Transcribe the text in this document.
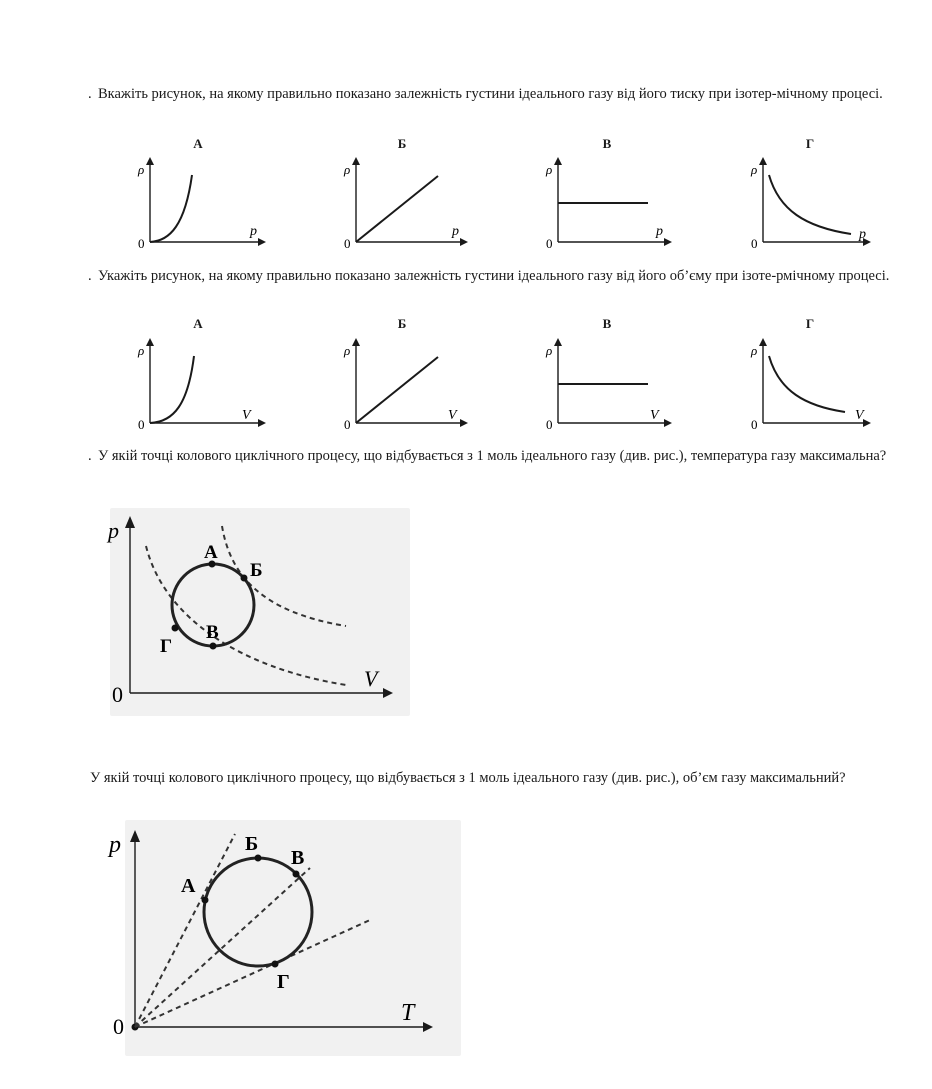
. Вкажіть рисунок, на якому правильно показано залежність густини ідеального газу від його тиску при ізотер-мічному процесі.
А	Б	В	Г
ρ
0
p
ρ
0
p
ρ
0
p
ρ
0
p
. Укажіть рисунок, на якому правильно показано залежність густини ідеального газу від його об’єму при ізоте-рмічному процесі.
А	Б	В	Г
ρ
0
V
ρ
0
V
ρ
0
V
ρ
0
V
. У якій точці колового циклічного процесу, що відбувається з 1 моль ідеального газу (див. рис.), температура газу максимальна?
p
0
V
А
Б
В
Г
У якій точці колового циклічного процесу, що відбувається з 1 моль ідеального газу (див. рис.), об’єм газу максимальний?
p
0
T
А
Б
В
Г
